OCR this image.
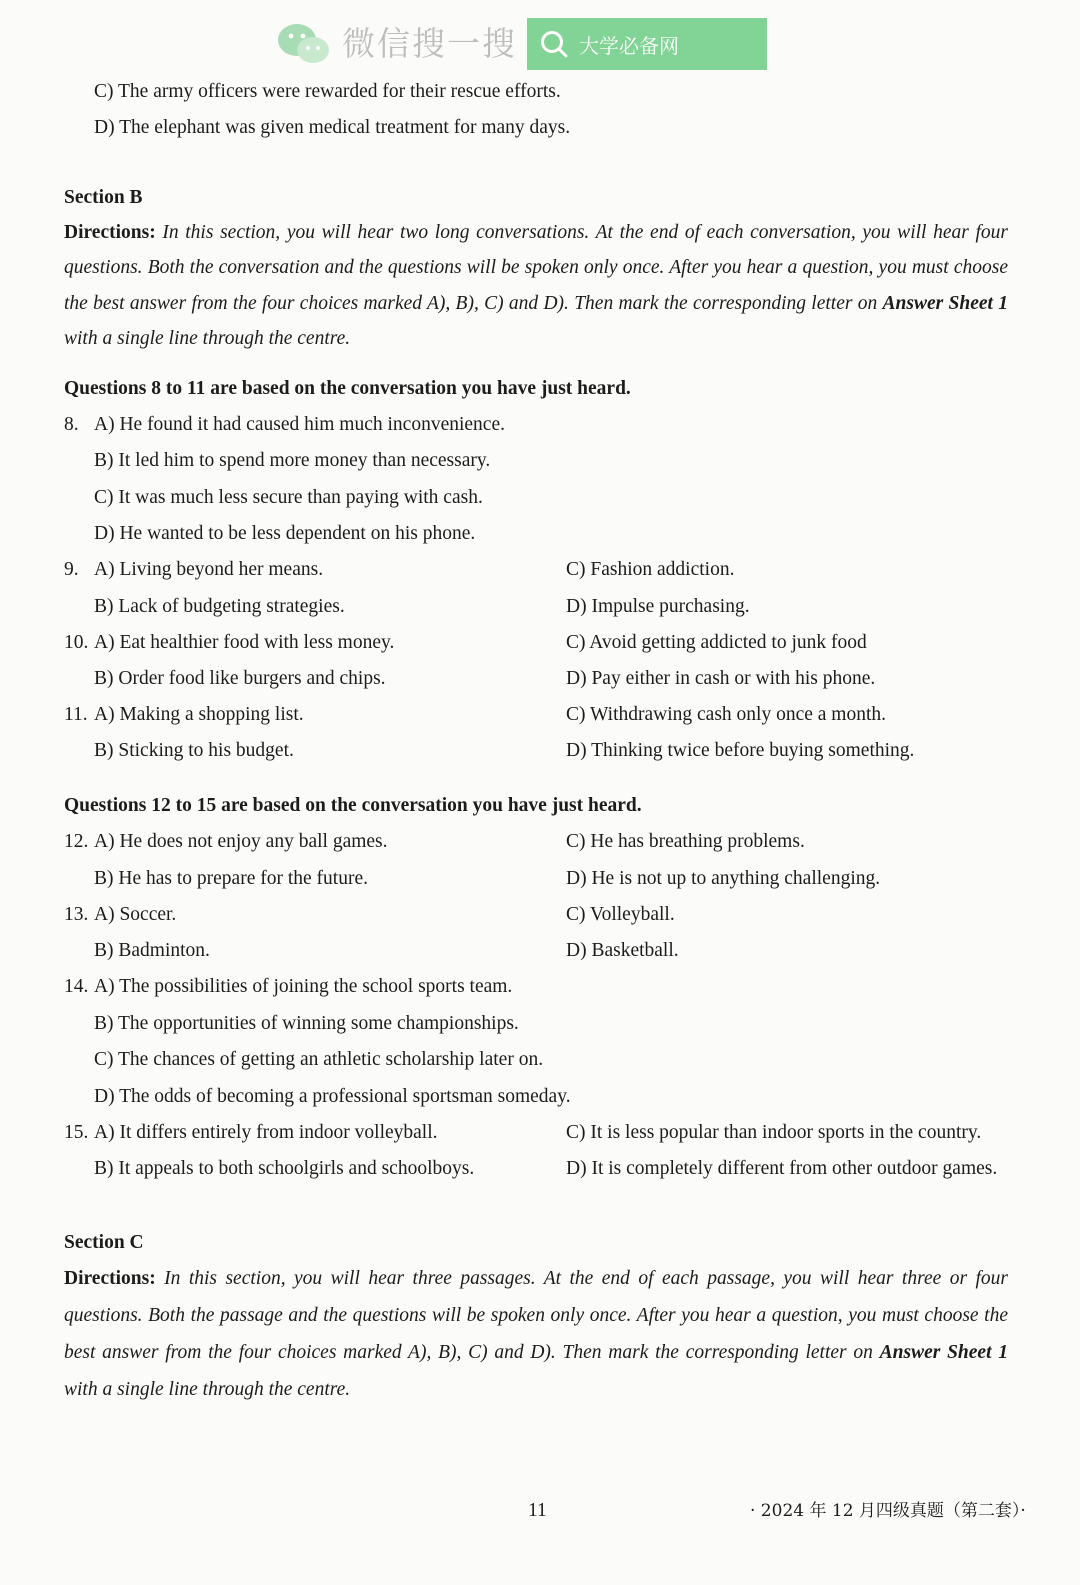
微信搜一搜	大学必备网
C) The army officers were rewarded for their rescue efforts.
D) The elephant was given medical treatment for many days.
Section B
Directions: In this section, you will hear two long conversations. At the end of each conversation, you will hear four questions. Both the conversation and the questions will be spoken only once. After you hear a question, you must choose the best answer from the four choices marked A), B), C) and D). Then mark the corresponding letter on Answer Sheet 1 with a single line through the centre.
Questions 8 to 11 are based on the conversation you have just heard.
8. A) He found it had caused him much inconvenience.
B) It led him to spend more money than necessary.
C) It was much less secure than paying with cash.
D) He wanted to be less dependent on his phone.
9. A) Living beyond her means.	C) Fashion addiction.
B) Lack of budgeting strategies.	D) Impulse purchasing.
10. A) Eat healthier food with less money.	C) Avoid getting addicted to junk food
B) Order food like burgers and chips.	D) Pay either in cash or with his phone.
11. A) Making a shopping list.	C) Withdrawing cash only once a month.
B) Sticking to his budget.	D) Thinking twice before buying something.
Questions 12 to 15 are based on the conversation you have just heard.
12. A) He does not enjoy any ball games.	C) He has breathing problems.
B) He has to prepare for the future.	D) He is not up to anything challenging.
13. A) Soccer.	C) Volleyball.
B) Badminton.	D) Basketball.
14. A) The possibilities of joining the school sports team.
B) The opportunities of winning some championships.
C) The chances of getting an athletic scholarship later on.
D) The odds of becoming a professional sportsman someday.
15. A) It differs entirely from indoor volleyball.	C) It is less popular than indoor sports in the country.
B) It appeals to both schoolgirls and schoolboys.	D) It is completely different from other outdoor games.
Section C
Directions: In this section, you will hear three passages. At the end of each passage, you will hear three or four questions. Both the passage and the questions will be spoken only once. After you hear a question, you must choose the best answer from the four choices marked A), B), C) and D). Then mark the corresponding letter on Answer Sheet 1 with a single line through the centre.
11	· 2024 年 12 月四级真题（第二套）·
